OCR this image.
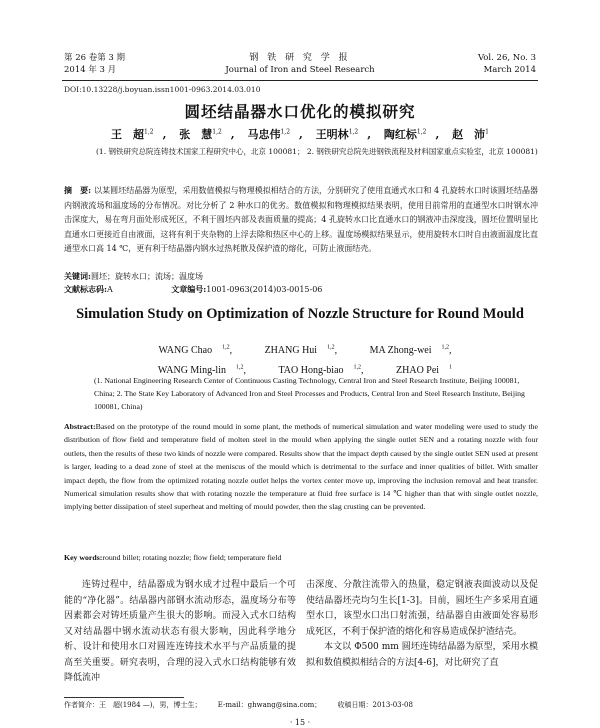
第 26 卷第 3 期
2014 年 3 月
钢 铁 研 究 学 报
Journal of Iron and Steel Research
Vol. 26, No. 3
March 2014
DOI:10.13228/j.boyuan.issn1001-0963.2014.03.010
圆坯结晶器水口优化的模拟研究
王　超$^{1,2}$ , 张　慧$^{1,2}$ , 马忠伟$^{1,2}$ , 王明林$^{1,2}$ , 陶红标$^{1,2}$ , 赵　沛$^1$
(1. 钢铁研究总院连铸技术国家工程研究中心，北京 100081； 2. 钢铁研究总院先进钢铁流程及材料国家重点实验室，北京 100081)
摘　要: 以某圆坯结晶器为原型，采用数值模拟与物理模拟相结合的方法，分别研究了使用直通式水口和 4 孔旋转水口时该圆坯结晶器内钢液流场和温度场的分布情况。对比分析了 2 种水口的优劣。数值模拟和物理模拟结果表明，使用目前常用的直通型水口时钢水冲击深度大，易在弯月面处形成死区，不利于圆坯内部及表面质量的提高；4 孔旋转水口比直通水口的钢液冲击深度浅，圆坯位置明显比直通水口更接近自由液面，这将有利于夹杂物的上浮去除和热区中心的上移。温度场模拟结果显示，使用旋转水口时自由液面温度比直通型水口高 14 ℃，更有利于结晶器内钢水过热耗散及保护渣的熔化，可防止液面结壳。
关键词:圆坯；旋转水口；流场；温度场
文献标志码:A	文章编号:1001-0963(2014)03-0015-06
Simulation Study on Optimization of Nozzle Structure for Round Mould
WANG Chao $^{1,2}$,	ZHANG Hui $^{1,2}$,	MA Zhong-wei $^{1,2}$, WANG Ming-lin $^{1,2}$,	TAO Hong-biao $^{1,2}$,	ZHAO Pei $^1$
(1. National Engineering Research Center of Continuous Casting Technology, Central Iron and Steel Research Institute, Beijing 100081, China; 2. The State Key Laboratory of Advanced Iron and Steel Processes and Products, Central Iron and Steel Research Institute, Beijing 100081, China)
Abstract:Based on the prototype of the round mould in some plant, the methods of numerical simulation and water modeling were used to study the distribution of flow field and temperature field of molten steel in the mould when applying the single outlet SEN and a rotating nozzle with four outlets, then the results of these two kinds of nozzle were compared. Results show that the impact depth caused by the single outlet SEN used at present is larger, leading to a dead zone of steel at the meniscus of the mould which is detrimental to the surface and inner qualities of billet. With smaller impact depth, the flow from the optimized rotating nozzle outlet helps the vortex center move up, improving the inclusion removal and heat transfer. Numerical simulation results show that with rotating nozzle the temperature at fluid free surface is 14 ℃ higher than that with single outlet nozzle, implying better dissipation of steel superheat and melting of mould powder, then the slag crusting can be prevented.
Key words:round billet; rotating nozzle; flow field; temperature field
连铸过程中，结晶器成为钢水成才过程中最后一个可能的“净化器”。结晶器内部钢水流动形态，温度场分布等因素都会对铸坯质量产生很大的影响。而浸入式水口结构又对结晶器中钢水流动状态有很大影响，因此科学地分析、设计和使用水口对圆连连铸技术水平与产品质量的提高至关重要。研究表明，合理的浸入式水口结构能够有效降低流冲

击深度、分散注流带入的热量，稳定钢液表面波动以及促使结晶器坯壳均匀生长[1-3]。目前，圆坯生产多采用直通型水口，该型水口出口射流强，结晶器自由液面处容易形成死区，不利于保护渣的熔化和容易造成保护渣结壳。

本文以 Φ500 mm 圆坯连铸结晶器为原型，采用水模拟和数值模拟相结合的方法[4-6]，对比研究了直

作者简介：王　超(1984 —)，男，博士生； E-mail：ghwang@sina.com； 收稿日期：2013-03-08
· 15 ·
